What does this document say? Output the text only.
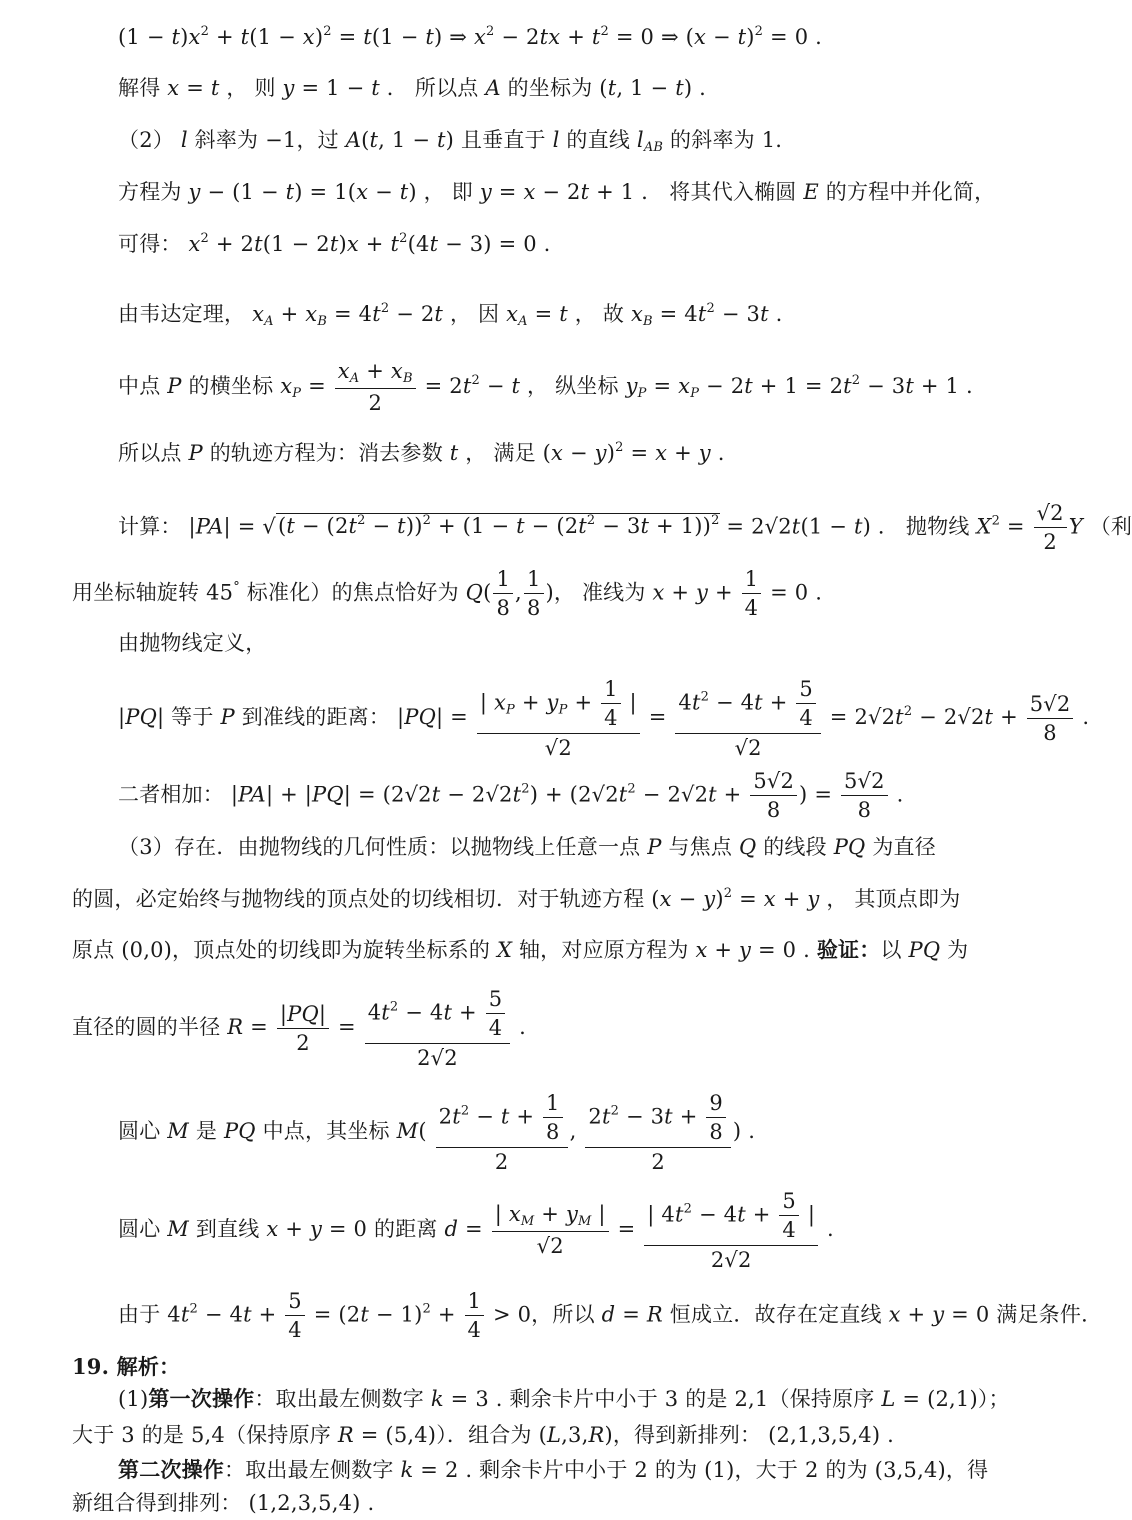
$(1 - t)x^2 + t(1 - x)^2 = t(1 - t)$ ⇒ $x^2 - 2tx + t^2 = 0$ ⇒ $(x - t)^2 = 0$ .
解得 x = t ， 则 y = 1 − t ． 所以点 A 的坐标为 (t, 1 − t) .
（2） l 斜率为 −1，过 A(t, 1 − t) 且垂直于 l 的直线 $l_{AB}$ 的斜率为 1.
方程为 y − (1 − t) = 1(x − t) ， 即 y = x − 2t + 1 ． 将其代入椭圆 E 的方程中并化简，
可得： $x^2 + 2t(1 - 2t)x + t^2(4t - 3) = 0$ .
由韦达定理， $x_A + x_B = 4t^2 - 2t$ ， 因 $x_A = t$ ， 故 $x_B = 4t^2 - 3t$ .
中点 P 的横坐标 $x_P = \frac{x_A + x_B}{2} = 2t^2 - t$ ， 纵坐标 $y_P = x_P - 2t + 1 = 2t^2 - 3t + 1$ .
所以点 P 的轨迹方程为：消去参数 t ， 满足 $(x - y)^2 = x + y$ .
计算： $|PA| = √(t - (2t^2 - t))^2 + (1 - t - (2t^2 - 3t + 1))^2 = 2√2t(1 - t)$ ． 抛物线 $X^2 = \frac{√2}{2}$ Y （利
用坐标轴旋转 45° 标准化）的焦点恰好为 $Q( \frac{1}{8}$ , $\frac{1}{8}$ )， 准线为 $x + y + \frac{1}{4} = 0$ .
由抛物线定义，
|PQ| 等于 P 到准线的距离： $|PQ| = \frac{| x_P + y_P + \frac{1}{4} |}{√2} = \frac{4t^2 - 4t + \frac{5}{4}}{√2} = 2√2t^2 - 2√2t + \frac{5√2}{8}$ .
二者相加： $|PA| + |PQ| = (2√2t - 2√2t^2) + (2√2t^2 - 2√2t + \frac{5√2}{8}$ ) = $\frac{5√2}{8}$ .
（3）存在．由抛物线的几何性质：以抛物线上任意一点 P 与焦点 Q 的线段 PQ 为直径
的圆，必定始终与抛物线的顶点处的切线相切．对于轨迹方程 $(x - y)^2 = x + y$ ， 其顶点即为
原点 (0,0)，顶点处的切线即为旋转坐标系的 X 轴，对应原方程为 x + y = 0 . 验证：以 PQ 为
直径的圆的半径 $R = \frac{|PQ|}{2} = \frac{4t^2 - 4t + \frac{5}{4}}{2√2}$ .
圆心 M 是 PQ 中点，其坐标 $M( \frac{2t^2 - t + \frac{1}{8}}{2}$ , $\frac{2t^2 - 3t + \frac{9}{8}}{2}$ ) .
圆心 M 到直线 x + y = 0 的距离 $d = \frac{| x_M + y_M |}{√2} = \frac{| 4t^2 - 4t + \frac{5}{4} |}{2√2}$ .
由于 $4t^2 - 4t + \frac{5}{4} = (2t - 1)^2 + \frac{1}{4} > 0$，所以 d = R 恒成立．故存在定直线 x + y = 0 满足条件．
19. 解析：
(1)第一次操作：取出最左侧数字 k = 3 . 剩余卡片中小于 3 的是 2,1（保持原序 L = (2,1)）；
大于 3 的是 5,4（保持原序 R = (5,4)）．组合为 (L,3,R)，得到新排列： (2,1,3,5,4) .
第二次操作：取出最左侧数字 k = 2 . 剩余卡片中小于 2 的为 (1)，大于 2 的为 (3,5,4)，得
新组合得到排列： (1,2,3,5,4) .
